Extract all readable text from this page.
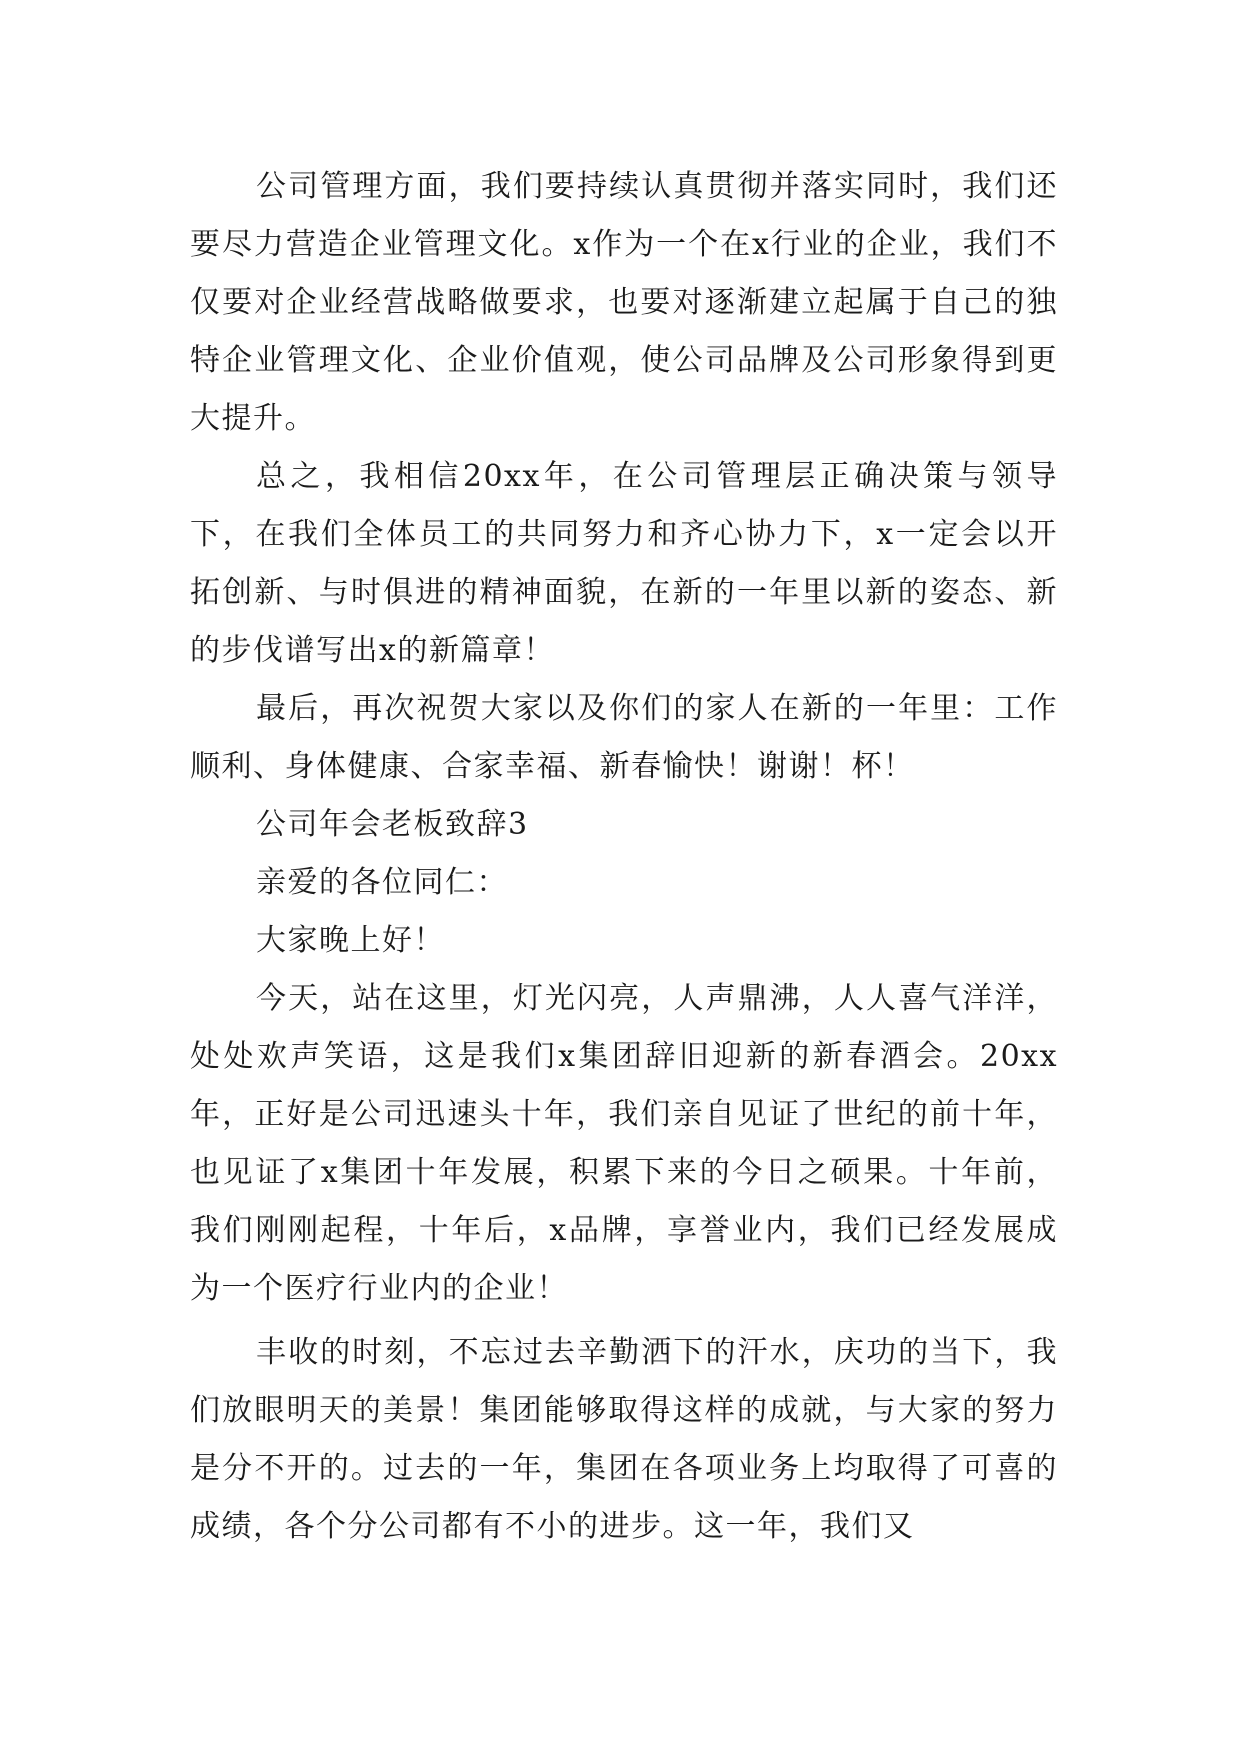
公司管理方面，我们要持续认真贯彻并落实同时，我们还要尽力营造企业管理文化。x作为一个在x行业的企业，我们不仅要对企业经营战略做要求，也要对逐渐建立起属于自己的独特企业管理文化、企业价值观，使公司品牌及公司形象得到更大提升。

总之，我相信20xx年，在公司管理层正确决策与领导下，在我们全体员工的共同努力和齐心协力下，x一定会以开拓创新、与时俱进的精神面貌，在新的一年里以新的姿态、新的步伐谱写出x的新篇章！

最后，再次祝贺大家以及你们的家人在新的一年里：工作顺利、身体健康、合家幸福、新春愉快！谢谢！杯！

公司年会老板致辞3

亲爱的各位同仁：

大家晚上好！

今天，站在这里，灯光闪亮，人声鼎沸，人人喜气洋洋，处处欢声笑语，这是我们x集团辞旧迎新的新春酒会。20xx年，正好是公司迅速头十年，我们亲自见证了世纪的前十年，也见证了x集团十年发展，积累下来的今日之硕果。十年前，我们刚刚起程，十年后，x品牌，享誉业内，我们已经发展成为一个医疗行业内的企业！

丰收的时刻，不忘过去辛勤洒下的汗水，庆功的当下，我们放眼明天的美景！集团能够取得这样的成就，与大家的努力是分不开的。过去的一年，集团在各项业务上均取得了可喜的成绩，各个分公司都有不小的进步。这一年，我们又
